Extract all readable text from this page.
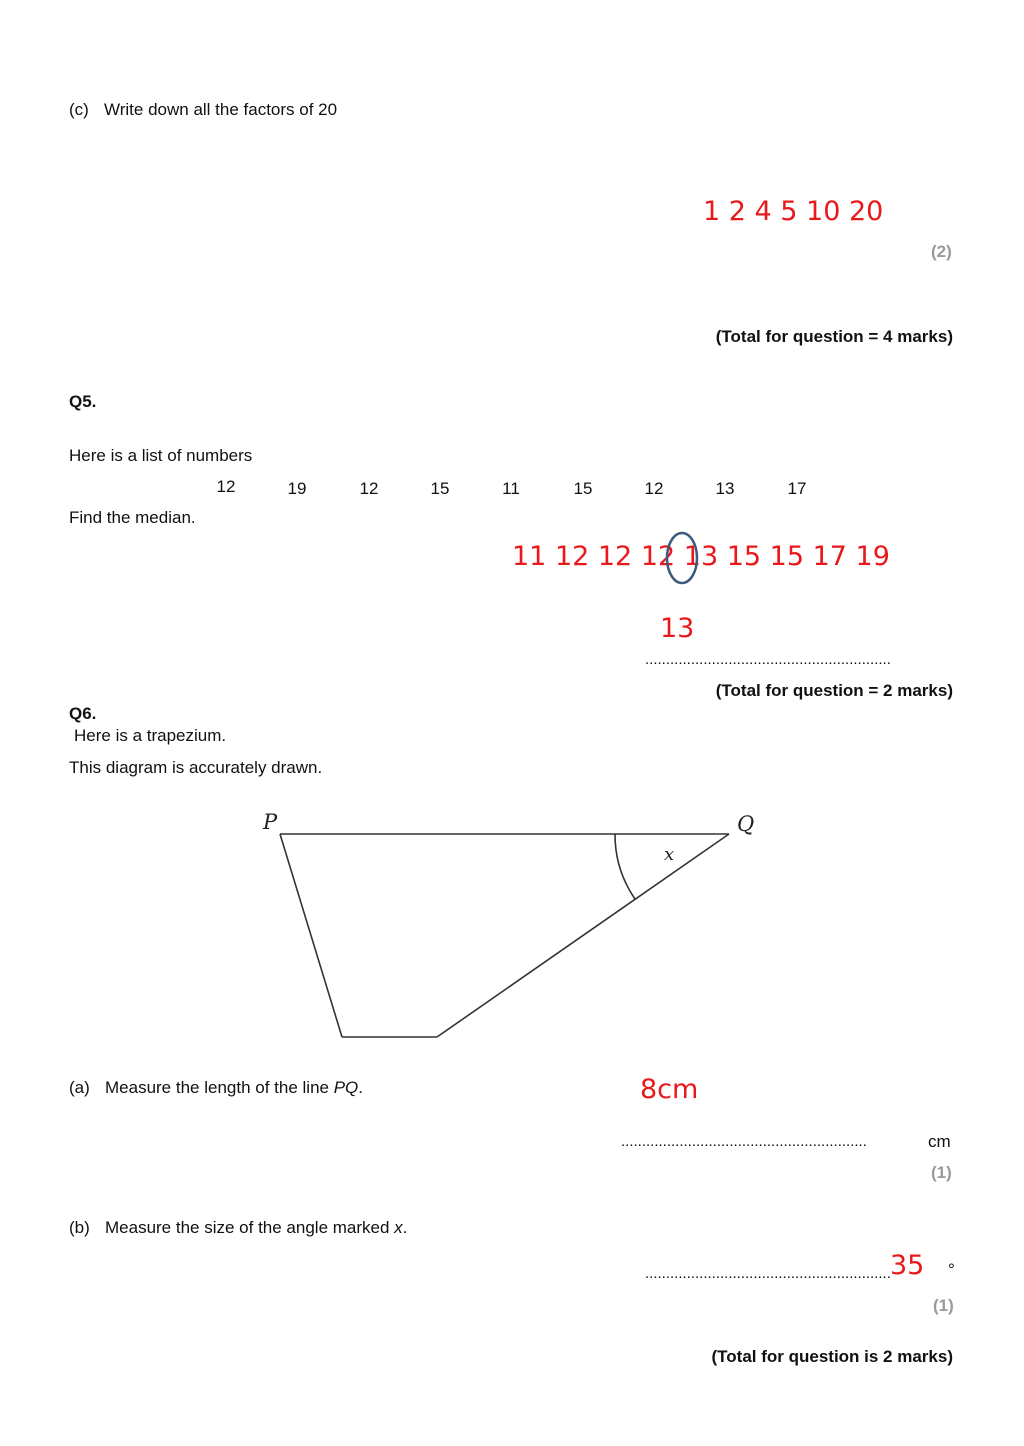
(c) Write down all the factors of 20
1 2 4 5 10 20
(2)
(Total for question = 4 marks)
Q5.
Here is a list of numbers
12	19	12	15	11	15	12	13	17
Find the median.
11 12 12 12 13 15 15 17 19
13
...........................................................
(Total for question = 2 marks)
Q6.
Here is a trapezium.
This diagram is accurately drawn.
P	Q
x
(a) Measure the length of the line PQ.	8cm
...........................................................	cm
(1)
(b) Measure the size of the angle marked x.
35
...........................................................	°
(1)
(Total for question is 2 marks)
